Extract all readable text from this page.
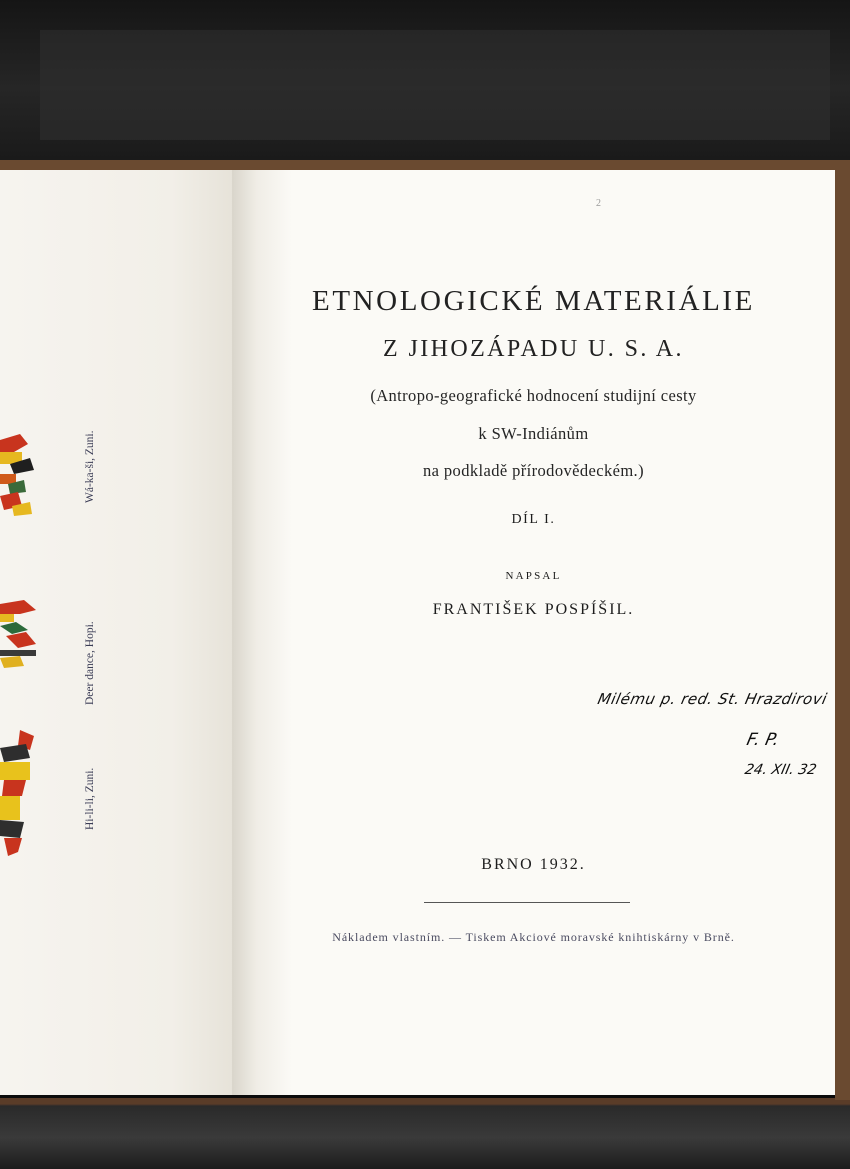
Wá-ka-ši, Zuni.
Deer dance, Hopi.
Hi-li-li, Zuni.
2
ETNOLOGICKÉ MATERIÁLIE
Z JIHOZÁPADU U. S. A.
(Antropo-geografické hodnocení studijní cesty
k SW-Indiánům
na podkladě přírodovědeckém.)
DÍL I.
NAPSAL
FRANTIŠEK POSPÍŠIL.
Milému p. red. St. Hrazdirovi
F. P.
24. XII. 32
BRNO 1932.
Nákladem vlastním. — Tiskem Akciové moravské knihtiskárny v Brně.
